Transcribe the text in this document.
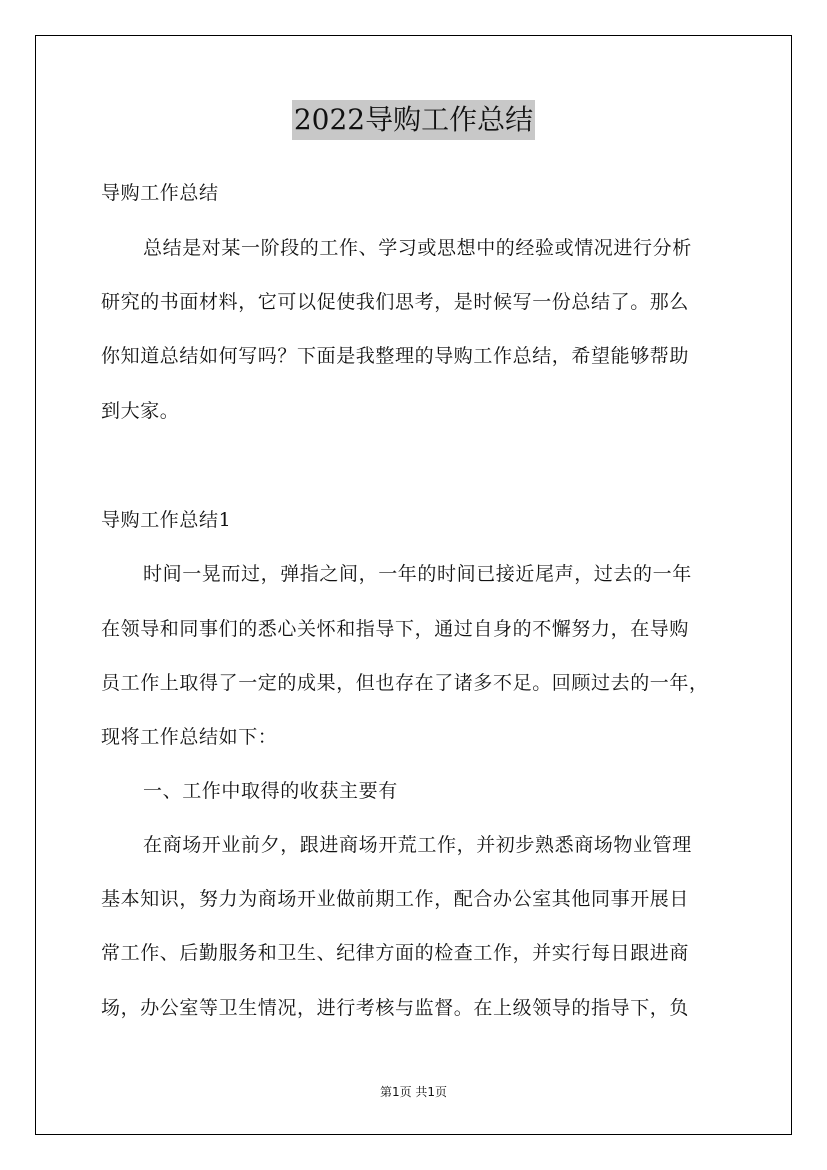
2022导购工作总结
导购工作总结
总结是对某一阶段的工作、学习或思想中的经验或情况进行分析
研究的书面材料，它可以促使我们思考，是时候写一份总结了。那么
你知道总结如何写吗？下面是我整理的导购工作总结，希望能够帮助
到大家。
导购工作总结1
时间一晃而过，弹指之间，一年的时间已接近尾声，过去的一年
在领导和同事们的悉心关怀和指导下，通过自身的不懈努力，在导购
员工作上取得了一定的成果，但也存在了诸多不足。回顾过去的一年，
现将工作总结如下：
一、工作中取得的收获主要有
在商场开业前夕，跟进商场开荒工作，并初步熟悉商场物业管理
基本知识，努力为商场开业做前期工作，配合办公室其他同事开展日
常工作、后勤服务和卫生、纪律方面的检查工作，并实行每日跟进商
场，办公室等卫生情况，进行考核与监督。在上级领导的指导下，负
第1页 共1页
